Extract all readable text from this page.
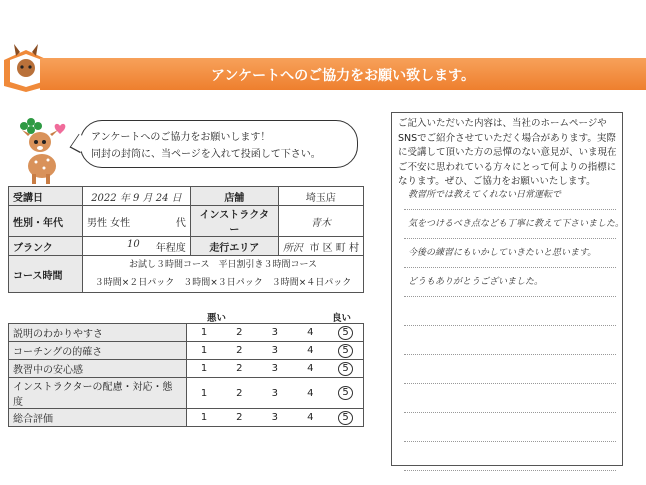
AGAKU	アンケートへのご協力をお願い致します。
アンケートへのご協力をお願いします！
同封の封筒に、当ページを入れて投函して下さい。
受講日	2022 年 9 月 24 日	店舗	埼玉店
性別・年代	男性 女性 代	インストラクター	青木
ブランク	10 年程度	走行エリア	所沢 市 区 町 村

コース時間	お試し３時間コース　平日割引き３時間コース
３時間×２日パック　３時間×３日パック　３時間×４日パック		
悪い	良い
説明のわかりやすさ	1	2	3	4	5
コーチングの的確さ	1	2	3	4	5
教習中の安心感	1	2	3	4	5
インストラクターの配慮・対応・態度	1	2	3	4	5
総合評価	1	2	3	4	5
ご記入いただいた内容は、当社のホームページやSNSでご紹介させていただく場合があります。実際に受講して頂いた方の忌憚のない意見が、いま現在ご不安に思われている方々にとって何よりの指標になります。ぜひ、ご協力をお願いいたします。
教習所では教えてくれない日常運転で
気をつけるべき点なども丁寧に教えて下さいました。
今後の練習にもいかしていきたいと思います。
どうもありがとうございました。
